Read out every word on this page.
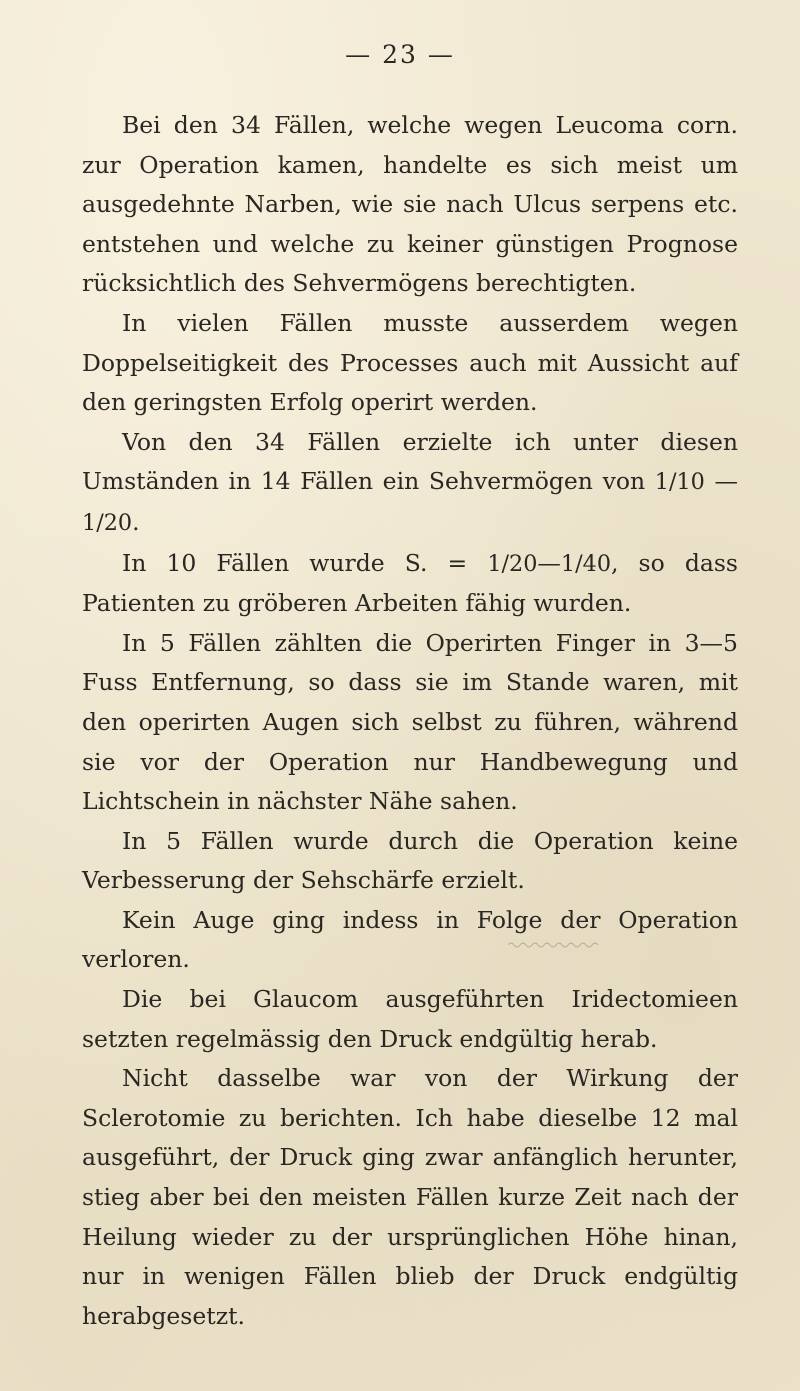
— 23 —

Bei den 34 Fällen, welche wegen Leucoma corn. zur Operation kamen, handelte es sich meist um ausgedehnte Narben, wie sie nach Ulcus serpens etc. entstehen und welche zu keiner günstigen Prognose rücksichtlich des Sehvermögens berechtigten.

In vielen Fällen musste ausserdem wegen Doppelseitigkeit des Processes auch mit Aussicht auf den geringsten Erfolg operirt werden.

Von den 34 Fällen erzielte ich unter diesen Umständen in 14 Fällen ein Sehvermögen von 1/10 — 1/20.

In 10 Fällen wurde S. = 1/20—1/40, so dass Patienten zu gröberen Arbeiten fähig wurden.

In 5 Fällen zählten die Operirten Finger in 3—5 Fuss Entfernung, so dass sie im Stande waren, mit den operirten Augen sich selbst zu führen, während sie vor der Operation nur Handbewegung und Lichtschein in nächster Nähe sahen.

In 5 Fällen wurde durch die Operation keine Verbesserung der Sehschärfe erzielt.

Kein Auge ging indess in Folge der Operation verloren.

Die bei Glaucom ausgeführten Iridectomieen setzten regelmässig den Druck endgültig herab.

Nicht dasselbe war von der Wirkung der Sclerotomie zu berichten. Ich habe dieselbe 12 mal ausgeführt, der Druck ging zwar anfänglich herunter, stieg aber bei den meisten Fällen kurze Zeit nach der Heilung wieder zu der ursprünglichen Höhe hinan, nur in wenigen Fällen blieb der Druck endgültig herabgesetzt.
